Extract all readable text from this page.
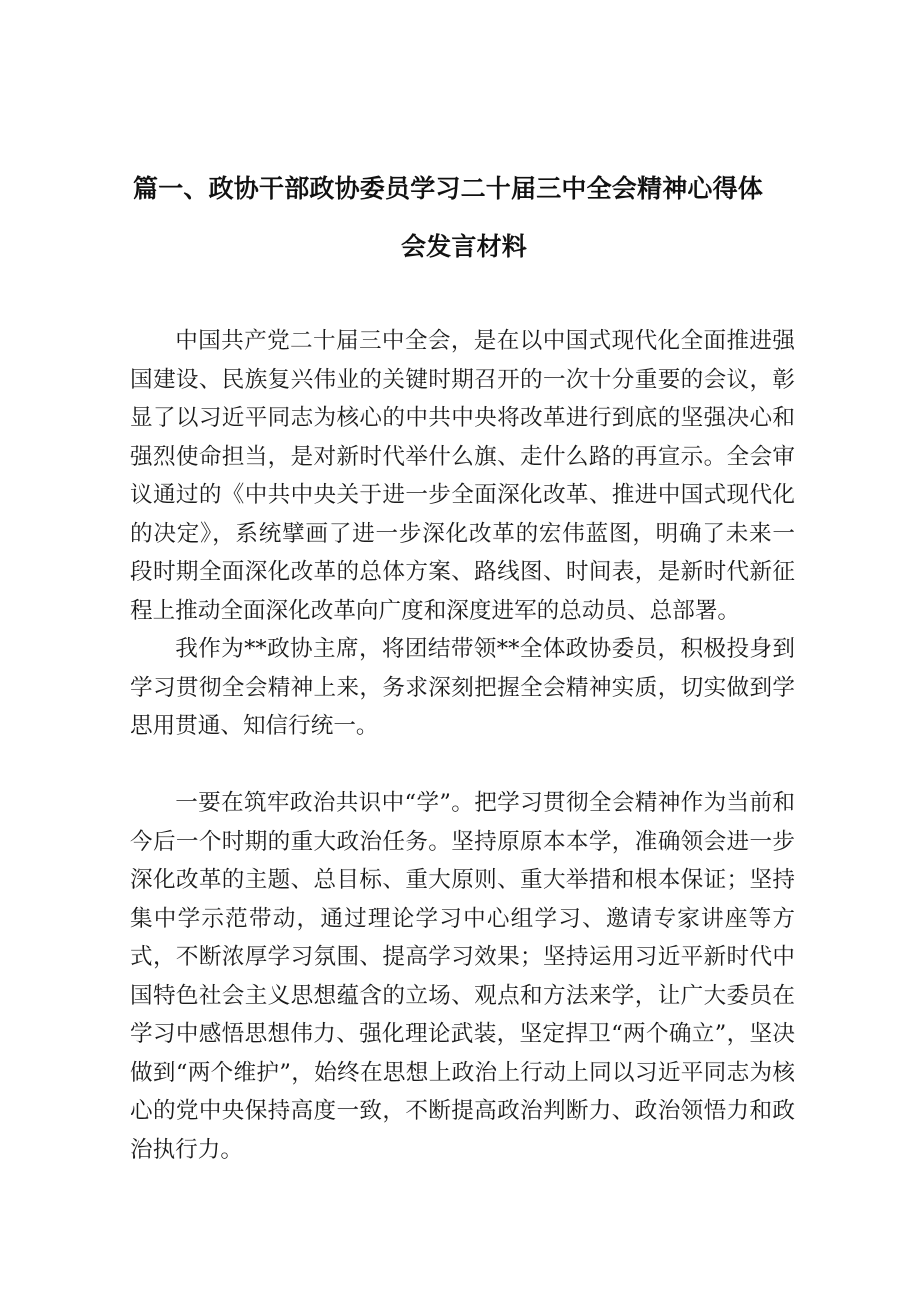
篇一、政协干部政协委员学习二十届三中全会精神心得体
会发言材料

中国共产党二十届三中全会，是在以中国式现代化全面推进强国建设、民族复兴伟业的关键时期召开的一次十分重要的会议，彰显了以习近平同志为核心的中共中央将改革进行到底的坚强决心和强烈使命担当，是对新时代举什么旗、走什么路的再宣示。全会审议通过的《中共中央关于进一步全面深化改革、推进中国式现代化的决定》，系统擘画了进一步深化改革的宏伟蓝图，明确了未来一段时期全面深化改革的总体方案、路线图、时间表，是新时代新征程上推动全面深化改革向广度和深度进军的总动员、总部署。

我作为**政协主席，将团结带领**全体政协委员，积极投身到学习贯彻全会精神上来，务求深刻把握全会精神实质，切实做到学思用贯通、知信行统一。

一要在筑牢政治共识中“学”。把学习贯彻全会精神作为当前和今后一个时期的重大政治任务。坚持原原本本学，准确领会进一步深化改革的主题、总目标、重大原则、重大举措和根本保证；坚持集中学示范带动，通过理论学习中心组学习、邀请专家讲座等方式，不断浓厚学习氛围、提高学习效果；坚持运用习近平新时代中国特色社会主义思想蕴含的立场、观点和方法来学，让广大委员在学习中感悟思想伟力、强化理论武装，坚定捍卫“两个确立”，坚决做到“两个维护”，始终在思想上政治上行动上同以习近平同志为核心的党中央保持高度一致，不断提高政治判断力、政治领悟力和政治执行力。
